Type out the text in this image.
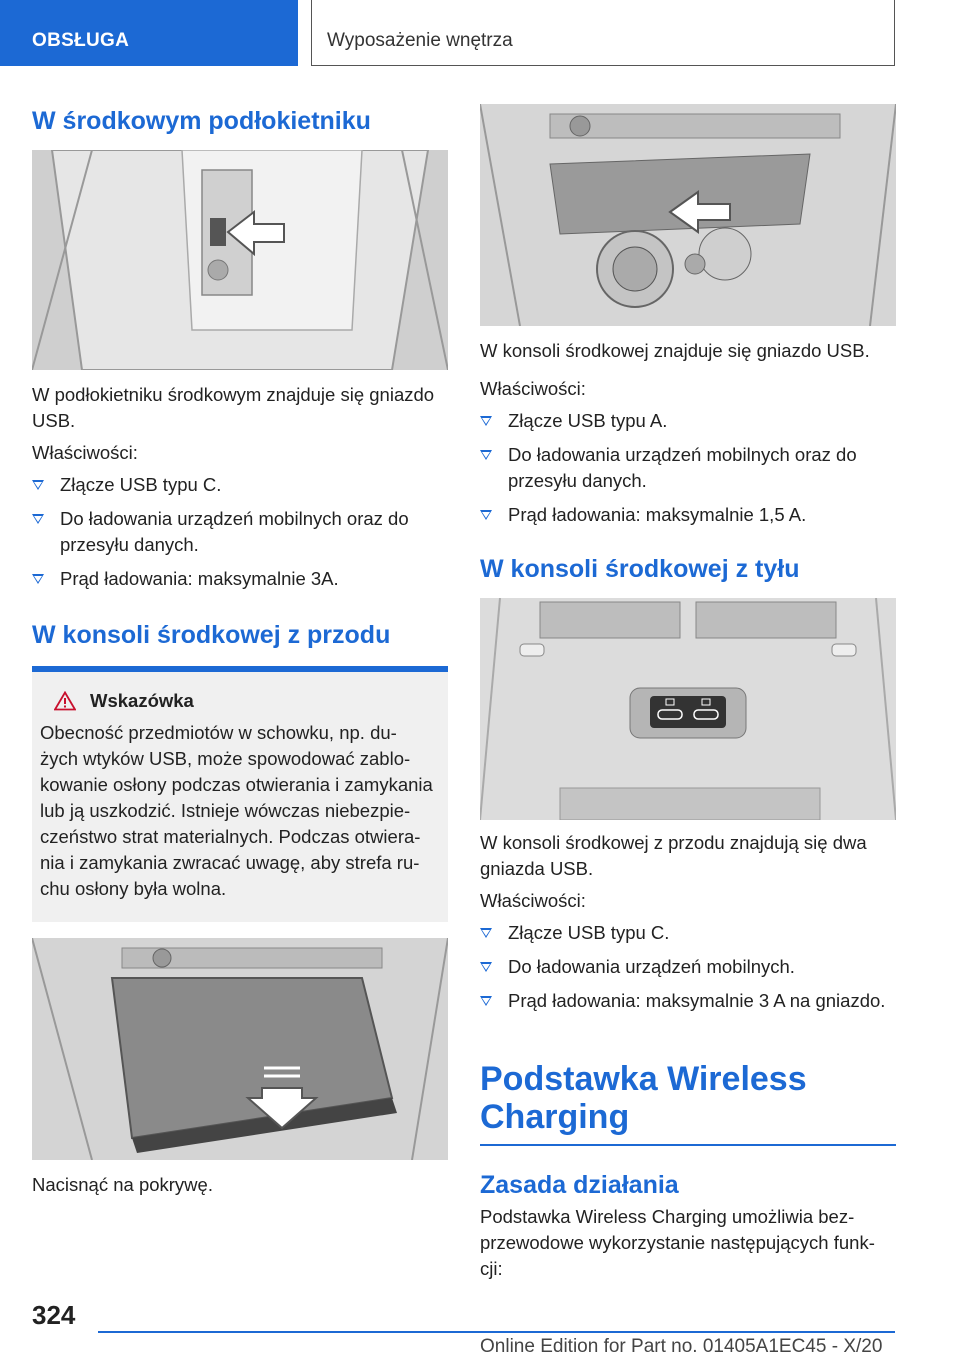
OBSŁUGA	Wyposażenie wnętrza
W środkowym podłokietniku

W podłokietniku środkowym znajduje się gniazdo USB.

Właściwości:

Złącze USB typu C.
Do ładowania urządzeń mobilnych oraz do przesyłu danych.
Prąd ładowania: maksymalnie 3A.
W konsoli środkowej z przodu
Wskazówka

Obecność przedmiotów w schowku, np. du- żych wtyków USB, może spowodować zablo- kowanie osłony podczas otwierania i zamykania lub ją uszkodzić. Istnieje wówczas niebezpie- czeństwo strat materialnych. Podczas otwiera- nia i zamykania zwracać uwagę, aby strefa ru- chu osłony była wolna.

Nacisnąć na pokrywę.

W konsoli środkowej znajduje się gniazdo USB.

Właściwości:

Złącze USB typu A.
Do ładowania urządzeń mobilnych oraz do przesyłu danych.
Prąd ładowania: maksymalnie 1,5 A.
W konsoli środkowej z tyłu

W konsoli środkowej z przodu znajdują się dwa gniazda USB.

Właściwości:

Złącze USB typu C.
Do ładowania urządzeń mobilnych.
Prąd ładowania: maksymalnie 3 A na gniazdo.
Podstawka Wireless Charging
Zasada działania

Podstawka Wireless Charging umożliwia bez- przewodowe wykorzystanie następujących funk- cji:

324
Online Edition for Part no. 01405A1EC45 - X/20
